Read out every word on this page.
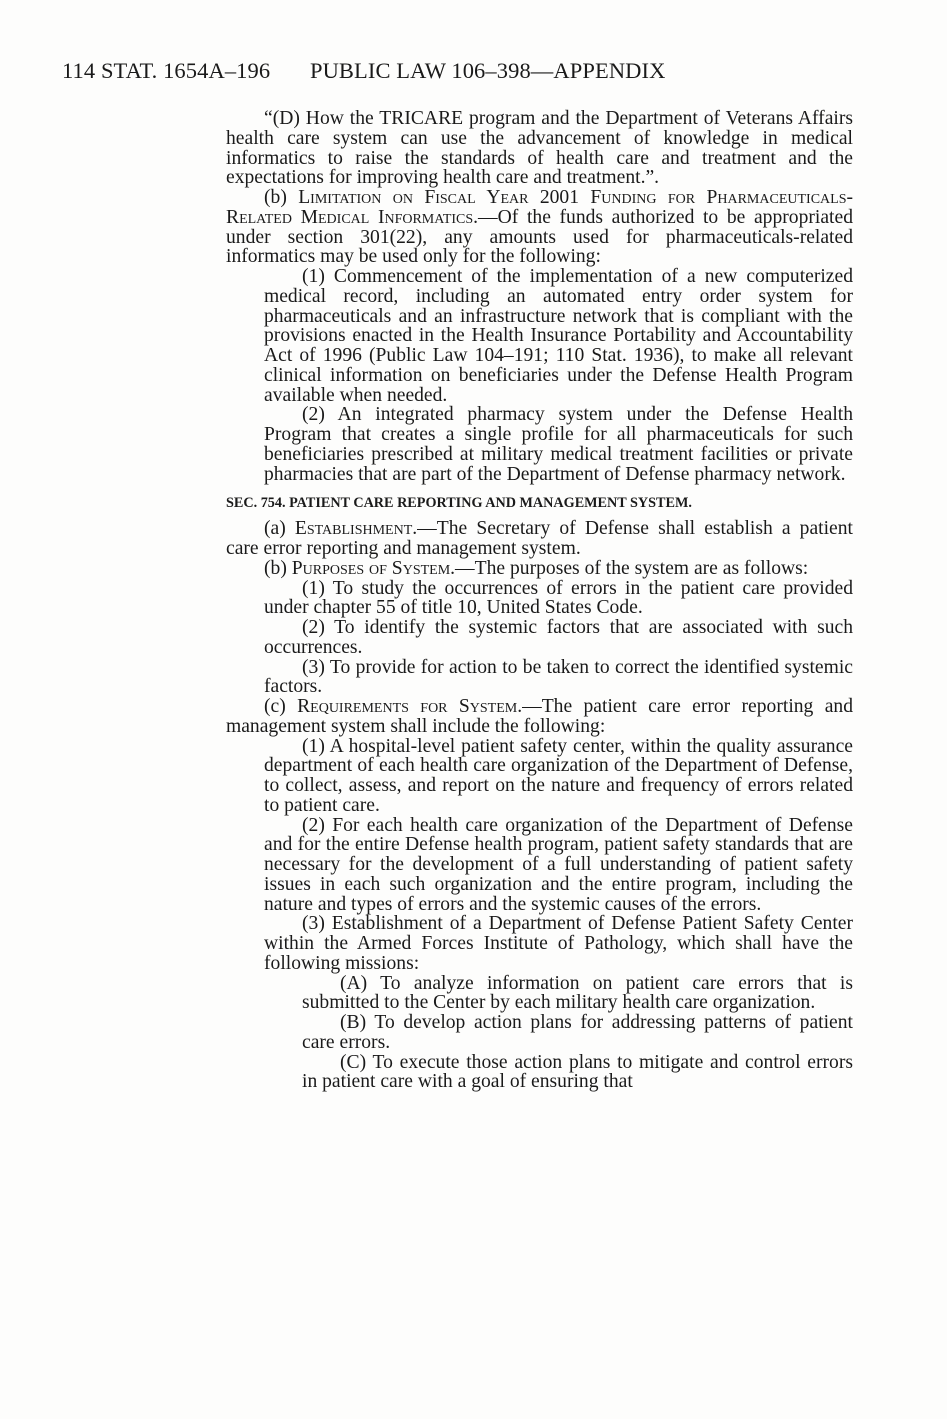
114 STAT. 1654A–196 PUBLIC LAW 106–398—APPENDIX

“(D) How the TRICARE program and the Department of Veterans Affairs health care system can use the advancement of knowledge in medical informatics to raise the standards of health care and treatment and the expectations for improving health care and treatment.”.

(b) Limitation on Fiscal Year 2001 Funding for Pharmaceuticals-Related Medical Informatics.—Of the funds authorized to be appropriated under section 301(22), any amounts used for pharmaceuticals-related informatics may be used only for the following:

(1) Commencement of the implementation of a new computerized medical record, including an automated entry order system for pharmaceuticals and an infrastructure network that is compliant with the provisions enacted in the Health Insurance Portability and Accountability Act of 1996 (Public Law 104–191; 110 Stat. 1936), to make all relevant clinical information on beneficiaries under the Defense Health Program available when needed.

(2) An integrated pharmacy system under the Defense Health Program that creates a single profile for all pharmaceuticals for such beneficiaries prescribed at military medical treatment facilities or private pharmacies that are part of the Department of Defense pharmacy network.

SEC. 754. PATIENT CARE REPORTING AND MANAGEMENT SYSTEM.

(a) Establishment.—The Secretary of Defense shall establish a patient care error reporting and management system.

(b) Purposes of System.—The purposes of the system are as follows:

(1) To study the occurrences of errors in the patient care provided under chapter 55 of title 10, United States Code.

(2) To identify the systemic factors that are associated with such occurrences.

(3) To provide for action to be taken to correct the identified systemic factors.

(c) Requirements for System.—The patient care error reporting and management system shall include the following:

(1) A hospital-level patient safety center, within the quality assurance department of each health care organization of the Department of Defense, to collect, assess, and report on the nature and frequency of errors related to patient care.

(2) For each health care organization of the Department of Defense and for the entire Defense health program, patient safety standards that are necessary for the development of a full understanding of patient safety issues in each such organization and the entire program, including the nature and types of errors and the systemic causes of the errors.

(3) Establishment of a Department of Defense Patient Safety Center within the Armed Forces Institute of Pathology, which shall have the following missions:

(A) To analyze information on patient care errors that is submitted to the Center by each military health care organization.

(B) To develop action plans for addressing patterns of patient care errors.

(C) To execute those action plans to mitigate and control errors in patient care with a goal of ensuring that
